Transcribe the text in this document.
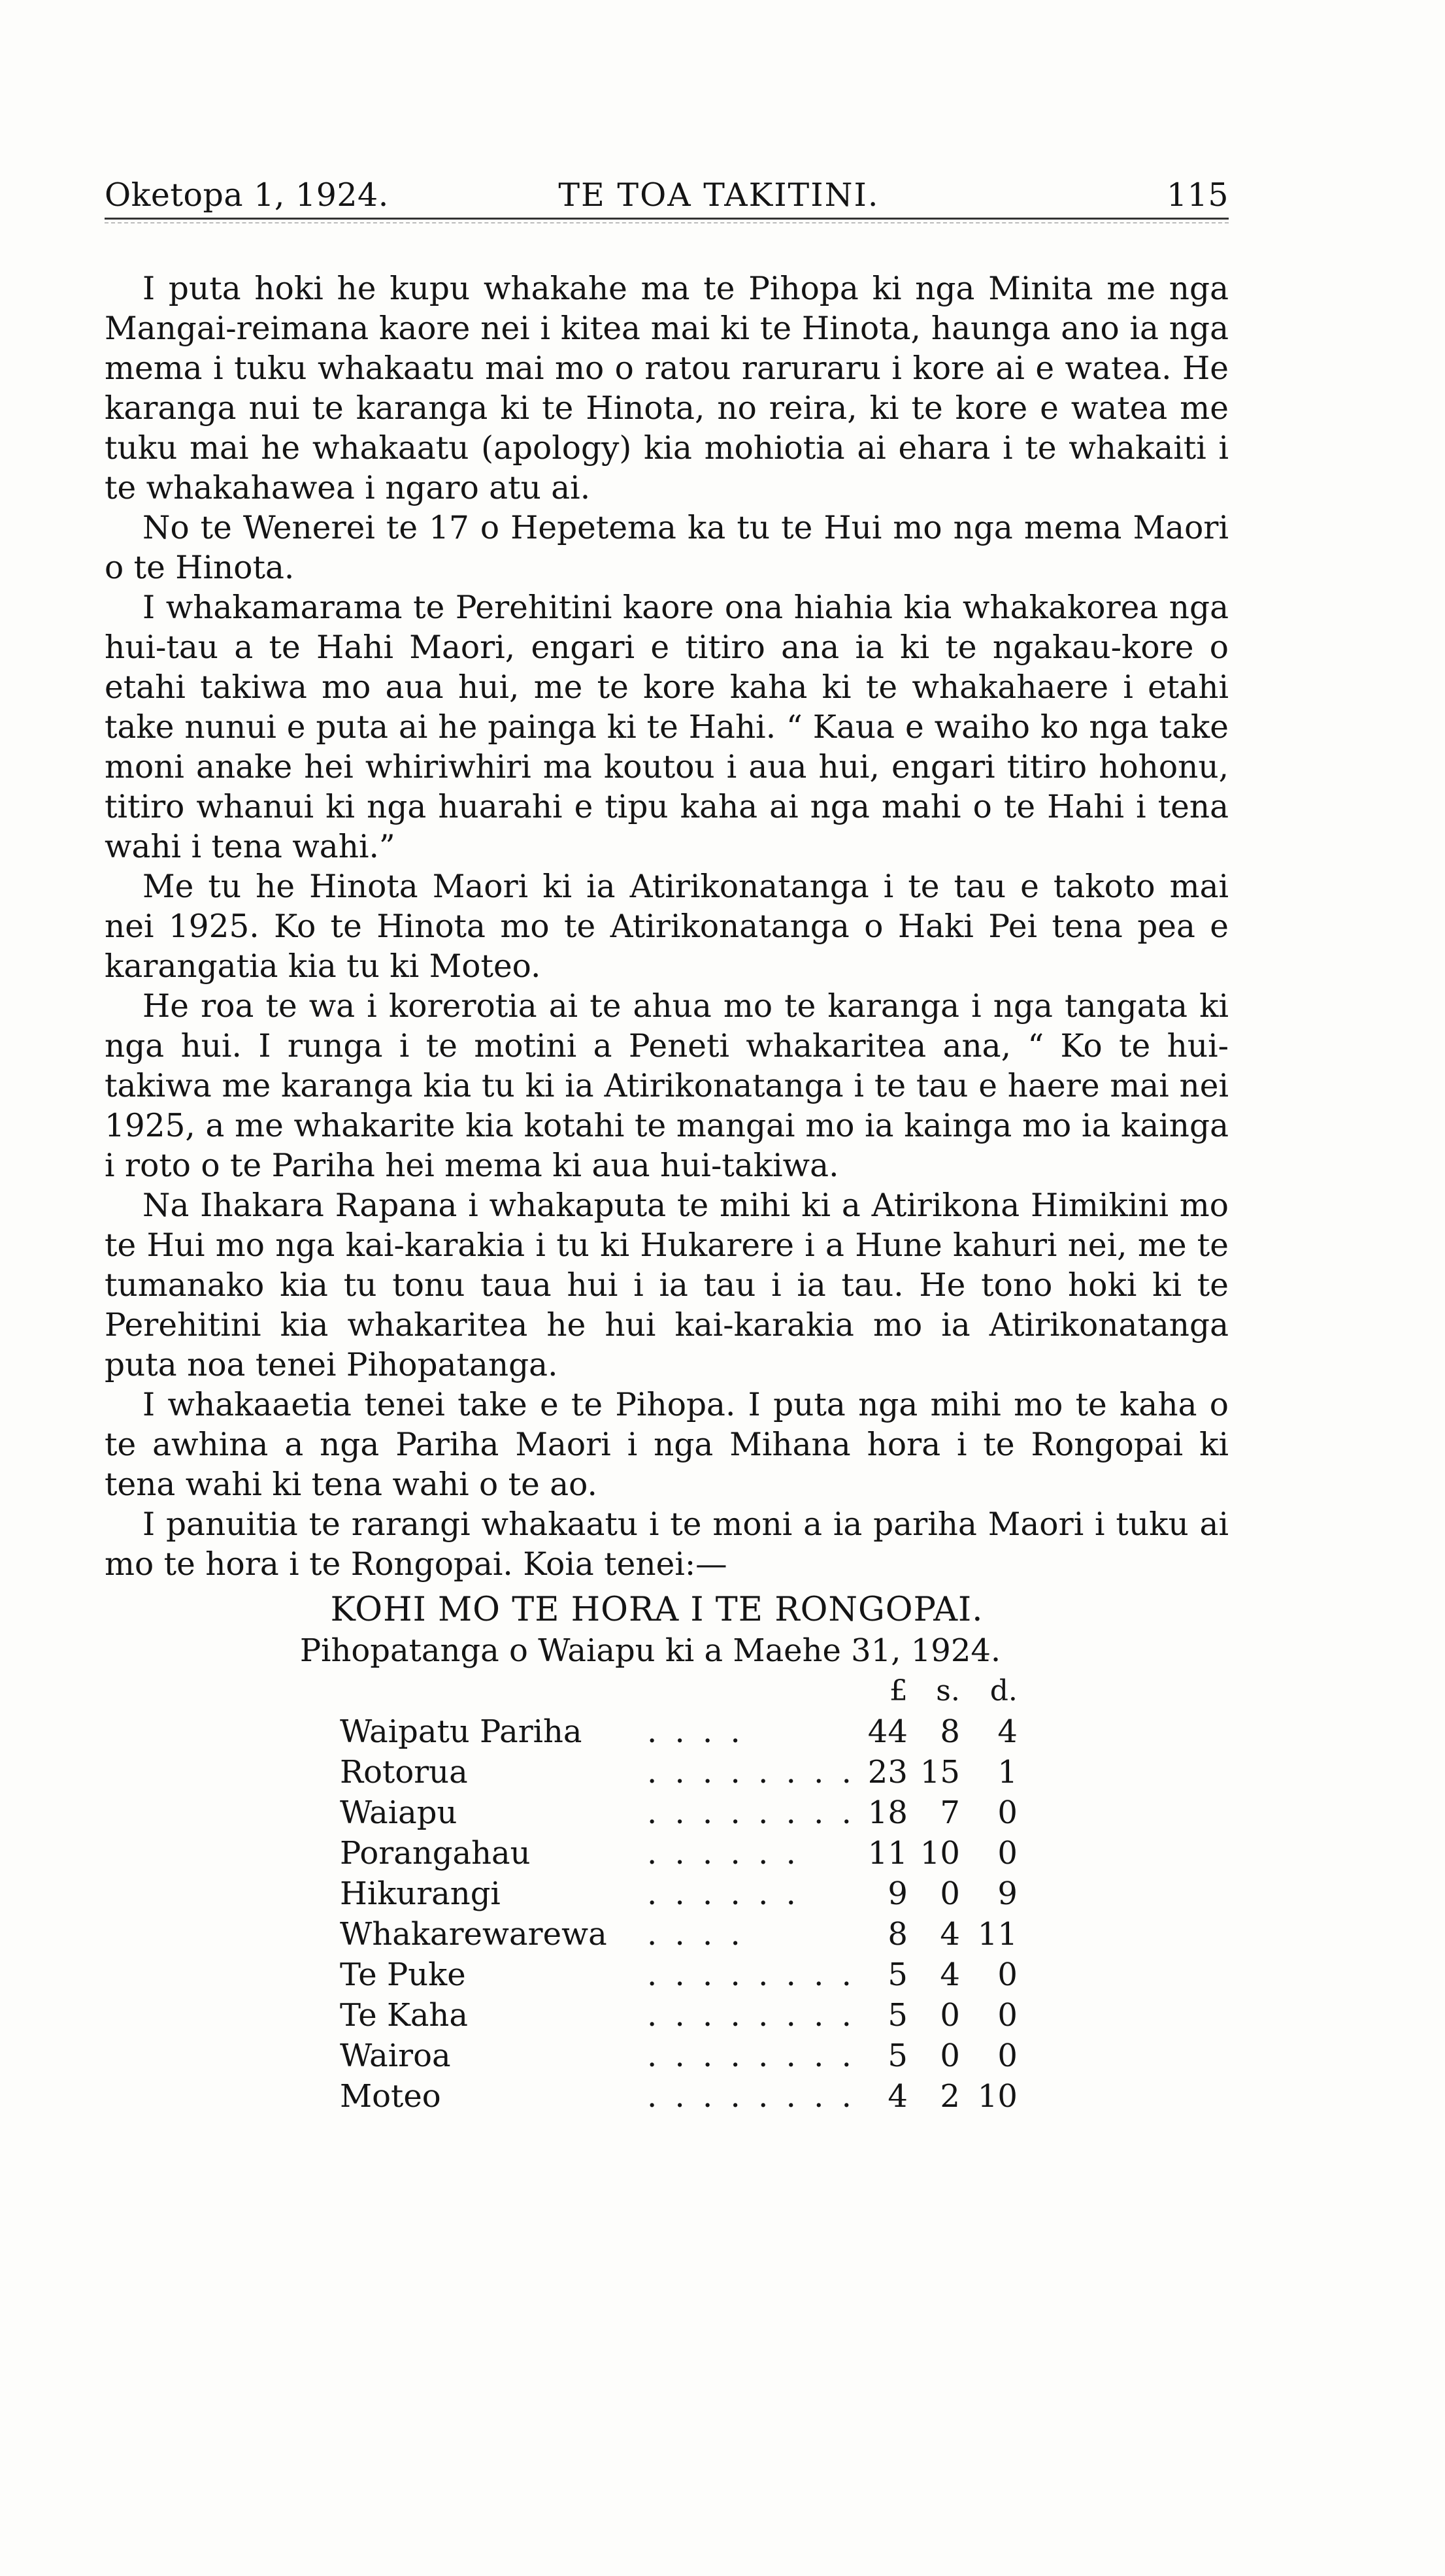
Oketopa 1, 1924.	TE TOA TAKITINI.	115

I puta hoki he kupu whakahe ma te Pihopa ki nga Minita me nga Mangai-reimana kaore nei i kitea mai ki te Hinota, haunga ano ia nga mema i tuku whakaatu mai mo o ratou raruraru i kore ai e watea. He karanga nui te karanga ki te Hinota, no reira, ki te kore e watea me tuku mai he whakaatu (apology) kia mohiotia ai ehara i te whakaiti i te whakahawea i ngaro atu ai.

No te Wenerei te 17 o Hepetema ka tu te Hui mo nga mema Maori o te Hinota.

I whakamarama te Perehitini kaore ona hiahia kia whakakorea nga hui-tau a te Hahi Maori, engari e titiro ana ia ki te ngakau-kore o etahi takiwa mo aua hui, me te kore kaha ki te whakahaere i etahi take nunui e puta ai he painga ki te Hahi. “ Kaua e waiho ko nga take moni anake hei whiriwhiri ma koutou i aua hui, engari titiro hohonu, titiro whanui ki nga huarahi e tipu kaha ai nga mahi o te Hahi i tena wahi i tena wahi.”

Me tu he Hinota Maori ki ia Atirikonatanga i te tau e takoto mai nei 1925. Ko te Hinota mo te Atirikonatanga o Haki Pei tena pea e karangatia kia tu ki Moteo.

He roa te wa i korerotia ai te ahua mo te karanga i nga tangata ki nga hui. I runga i te motini a Peneti whakaritea ana, “ Ko te hui-takiwa me karanga kia tu ki ia Atirikonatanga i te tau e haere mai nei 1925, a me whakarite kia kotahi te mangai mo ia kainga mo ia kainga i roto o te Pariha hei mema ki aua hui-takiwa.

Na Ihakara Rapana i whakaputa te mihi ki a Atirikona Himikini mo te Hui mo nga kai-karakia i tu ki Hukarere i a Hune kahuri nei, me te tumanako kia tu tonu taua hui i ia tau i ia tau. He tono hoki ki te Perehitini kia whakaritea he hui kai-karakia mo ia Atirikonatanga puta noa tenei Pihopatanga.

I whakaaetia tenei take e te Pihopa. I puta nga mihi mo te kaha o te awhina a nga Pariha Maori i nga Mihana hora i te Rongopai ki tena wahi ki tena wahi o te ao.

I panuitia te rarangi whakaatu i te moni a ia pariha Maori i tuku ai mo te hora i te Rongopai. Koia tenei:—

KOHI MO TE HORA I TE RONGOPAI.
Pihopatanga o Waiapu ki a Maehe 31, 1924.
		£	s.	d.
Waipatu Pariha	. . . .	44	8	4
Rotorua	. . . . . . . .	23	15	1
Waiapu	. . . . . . . .	18	7	0
Porangahau	. . . . . .	11	10	0
Hikurangi	. . . . . .	9	0	9
Whakarewarewa	. . . .	8	4	11
Te Puke	. . . . . . . .	5	4	0
Te Kaha	. . . . . . . .	5	0	0
Wairoa	. . . . . . . .	5	0	0
Moteo	. . . . . . . .	4	2	10
